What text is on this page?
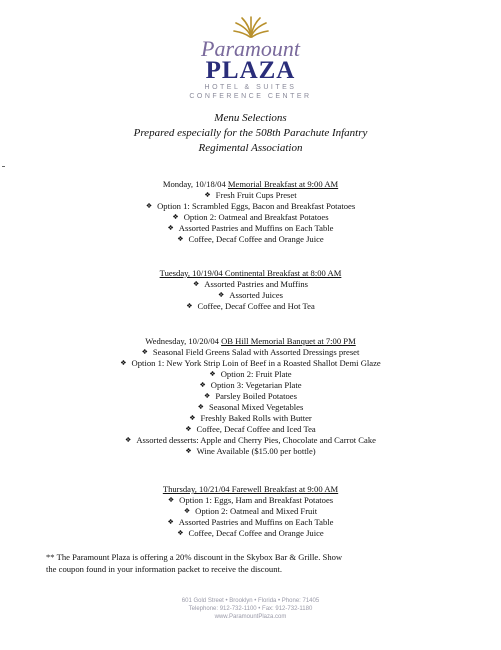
Paramount
PLAZA
HOTEL & SUITES
CONFERENCE CENTER
Menu Selections
Prepared especially for the 508th Parachute Infantry
Regimental Association
Monday, 10/18/04 Memorial Breakfast at 9:00 AM
❖ Fresh Fruit Cups Preset
❖ Option 1: Scrambled Eggs, Bacon and Breakfast Potatoes
❖ Option 2: Oatmeal and Breakfast Potatoes
❖ Assorted Pastries and Muffins on Each Table
❖ Coffee, Decaf Coffee and Orange Juice
Tuesday, 10/19/04 Continental Breakfast at 8:00 AM
❖ Assorted Pastries and Muffins
❖ Assorted Juices
❖ Coffee, Decaf Coffee and Hot Tea
Wednesday, 10/20/04 OB Hill Memorial Banquet at 7:00 PM
❖ Seasonal Field Greens Salad with Assorted Dressings preset
❖ Option 1: New York Strip Loin of Beef in a Roasted Shallot Demi Glaze
❖ Option 2: Fruit Plate
❖ Option 3: Vegetarian Plate
❖ Parsley Boiled Potatoes
❖ Seasonal Mixed Vegetables
❖ Freshly Baked Rolls with Butter
❖ Coffee, Decaf Coffee and Iced Tea
❖ Assorted desserts: Apple and Cherry Pies, Chocolate and Carrot Cake
❖ Wine Available ($15.00 per bottle)
Thursday, 10/21/04 Farewell Breakfast at 9:00 AM
❖ Option 1: Eggs, Ham and Breakfast Potatoes
❖ Option 2: Oatmeal and Mixed Fruit
❖ Assorted Pastries and Muffins on Each Table
❖ Coffee, Decaf Coffee and Orange Juice
** The Paramount Plaza is offering a 20% discount in the Skybox Bar & Grille. Show
the coupon found in your information packet to receive the discount.
601 Gold Street • Brooklyn • Florida • Phone: 71405
Telephone: 912-732-1100 • Fax: 912-732-1180
www.ParamountPlaza.com
